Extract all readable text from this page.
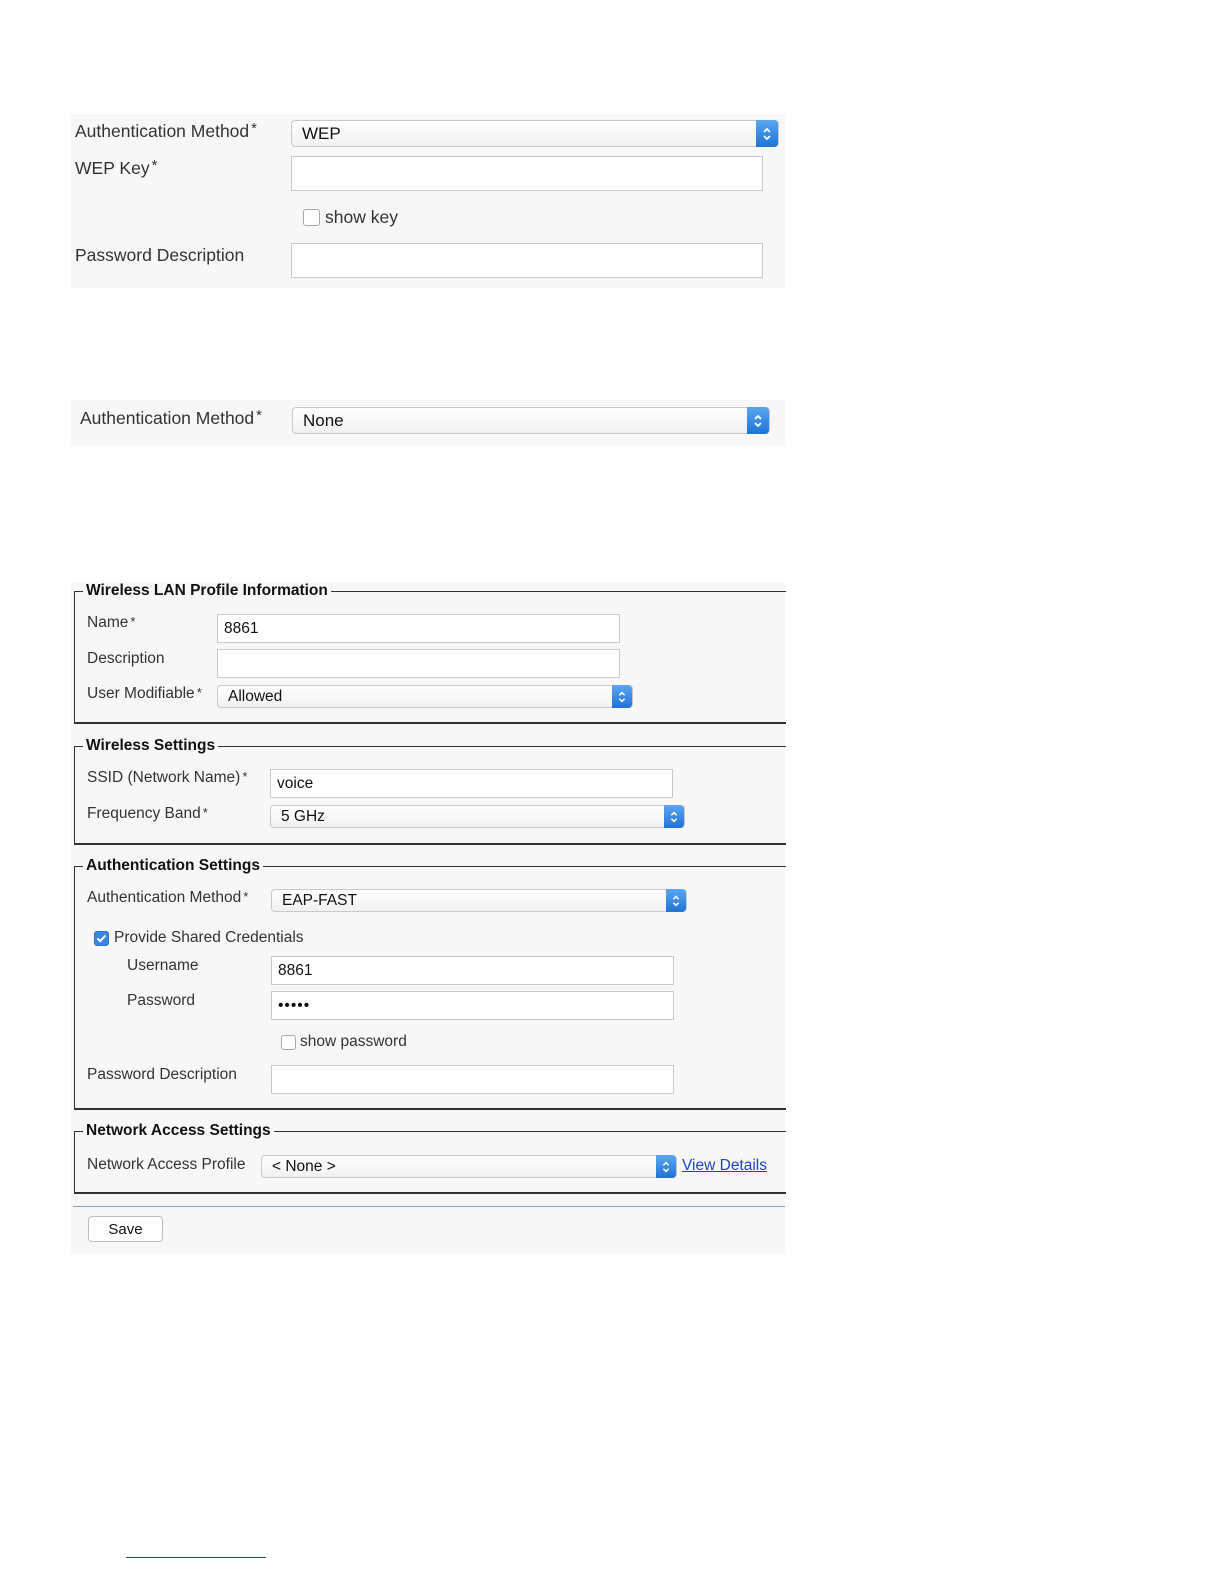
Authentication Method *	WEP
WEP Key *
show key
Password Description
Authentication Method * None
Wireless LAN Profile Information
Name *	8861
Description
User Modifiable * Allowed
Wireless Settings
SSID (Network Name) *	voice
Frequency Band *	5 GHz
Authentication Settings
Authentication Method * EAP-FAST
Provide Shared Credentials
Username	8861
Password	•••••
show password
Password Description
Network Access Settings
Network Access Profile < None >	View Details
Save
